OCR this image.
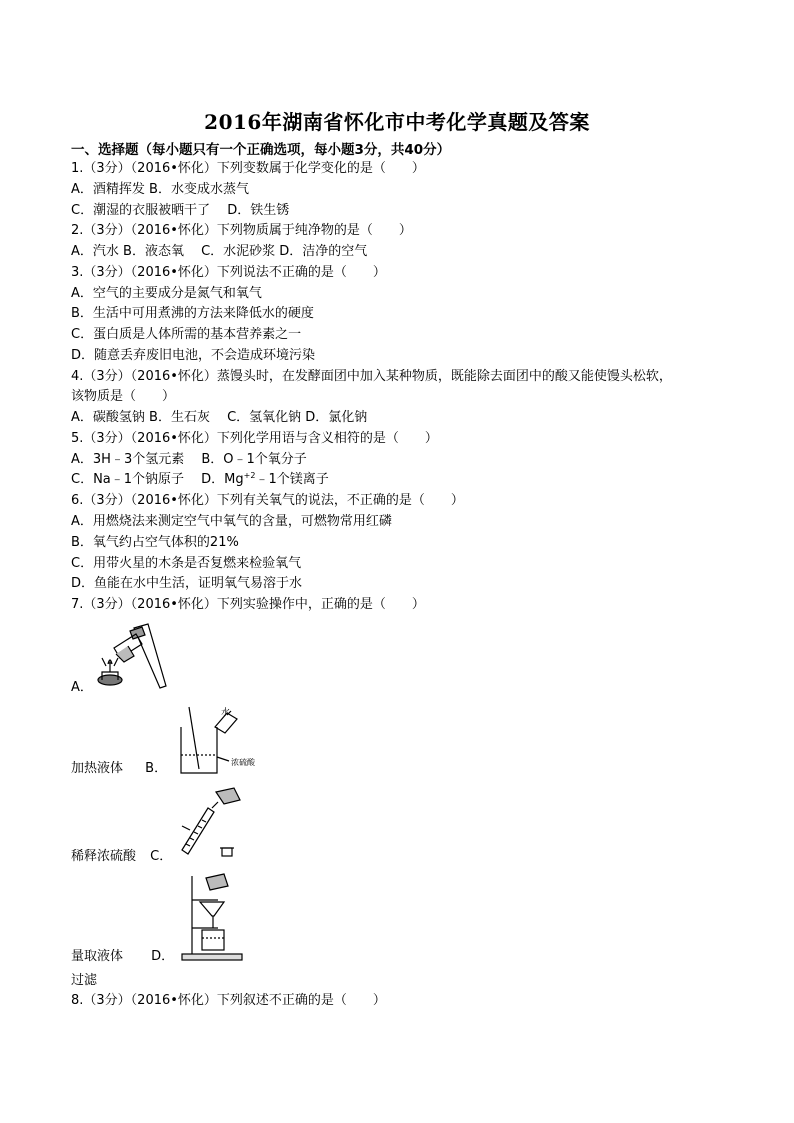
2016年湖南省怀化市中考化学真题及答案
一、选择题（每小题只有一个正确选项，每小题3分，共40分）
1.（3分）（2016•怀化）下列变数属于化学变化的是（　　）
A．酒精挥发 B．水变成水蒸气
C．潮湿的衣服被晒干了　 D．铁生锈
2.（3分）（2016•怀化）下列物质属于纯净物的是（　　）
A．汽水 B．液态氧　 C．水泥砂浆 D．洁净的空气
3.（3分）（2016•怀化）下列说法不正确的是（　　）
A．空气的主要成分是氮气和氧气
B．生活中可用煮沸的方法来降低水的硬度
C．蛋白质是人体所需的基本营养素之一
D．随意丢弃废旧电池，不会造成环境污染
4.（3分）（2016•怀化）蒸馒头时，在发酵面团中加入某种物质，既能除去面团中的酸又能使馒头松软，
该物质是（　　）
A．碳酸氢钠 B．生石灰　 C．氢氧化钠 D．氯化钠
5.（3分）（2016•怀化）下列化学用语与含义相符的是（　　）
A．3H﹣3个氢元素　 B．O﹣1个氧分子
C．Na﹣1个钠原子　 D．$Mg^{+2}﹣1$个镁离子
6.（3分）（2016•怀化）下列有关氧气的说法，不正确的是（　　）
A．用燃烧法来测定空气中氧气的含量，可燃物常用红磷
B．氧气约占空气体积的21%
C．用带火星的木条是否复燃来检验氧气
D．鱼能在水中生活，证明氧气易溶于水
7.（3分）（2016•怀化）下列实验操作中，正确的是（　　）
A．
水
浓硫酸
加热液体 B．
稀释浓硫酸 C．
量取液体 D．
过滤
8.（3分）（2016•怀化）下列叙述不正确的是（　　）
